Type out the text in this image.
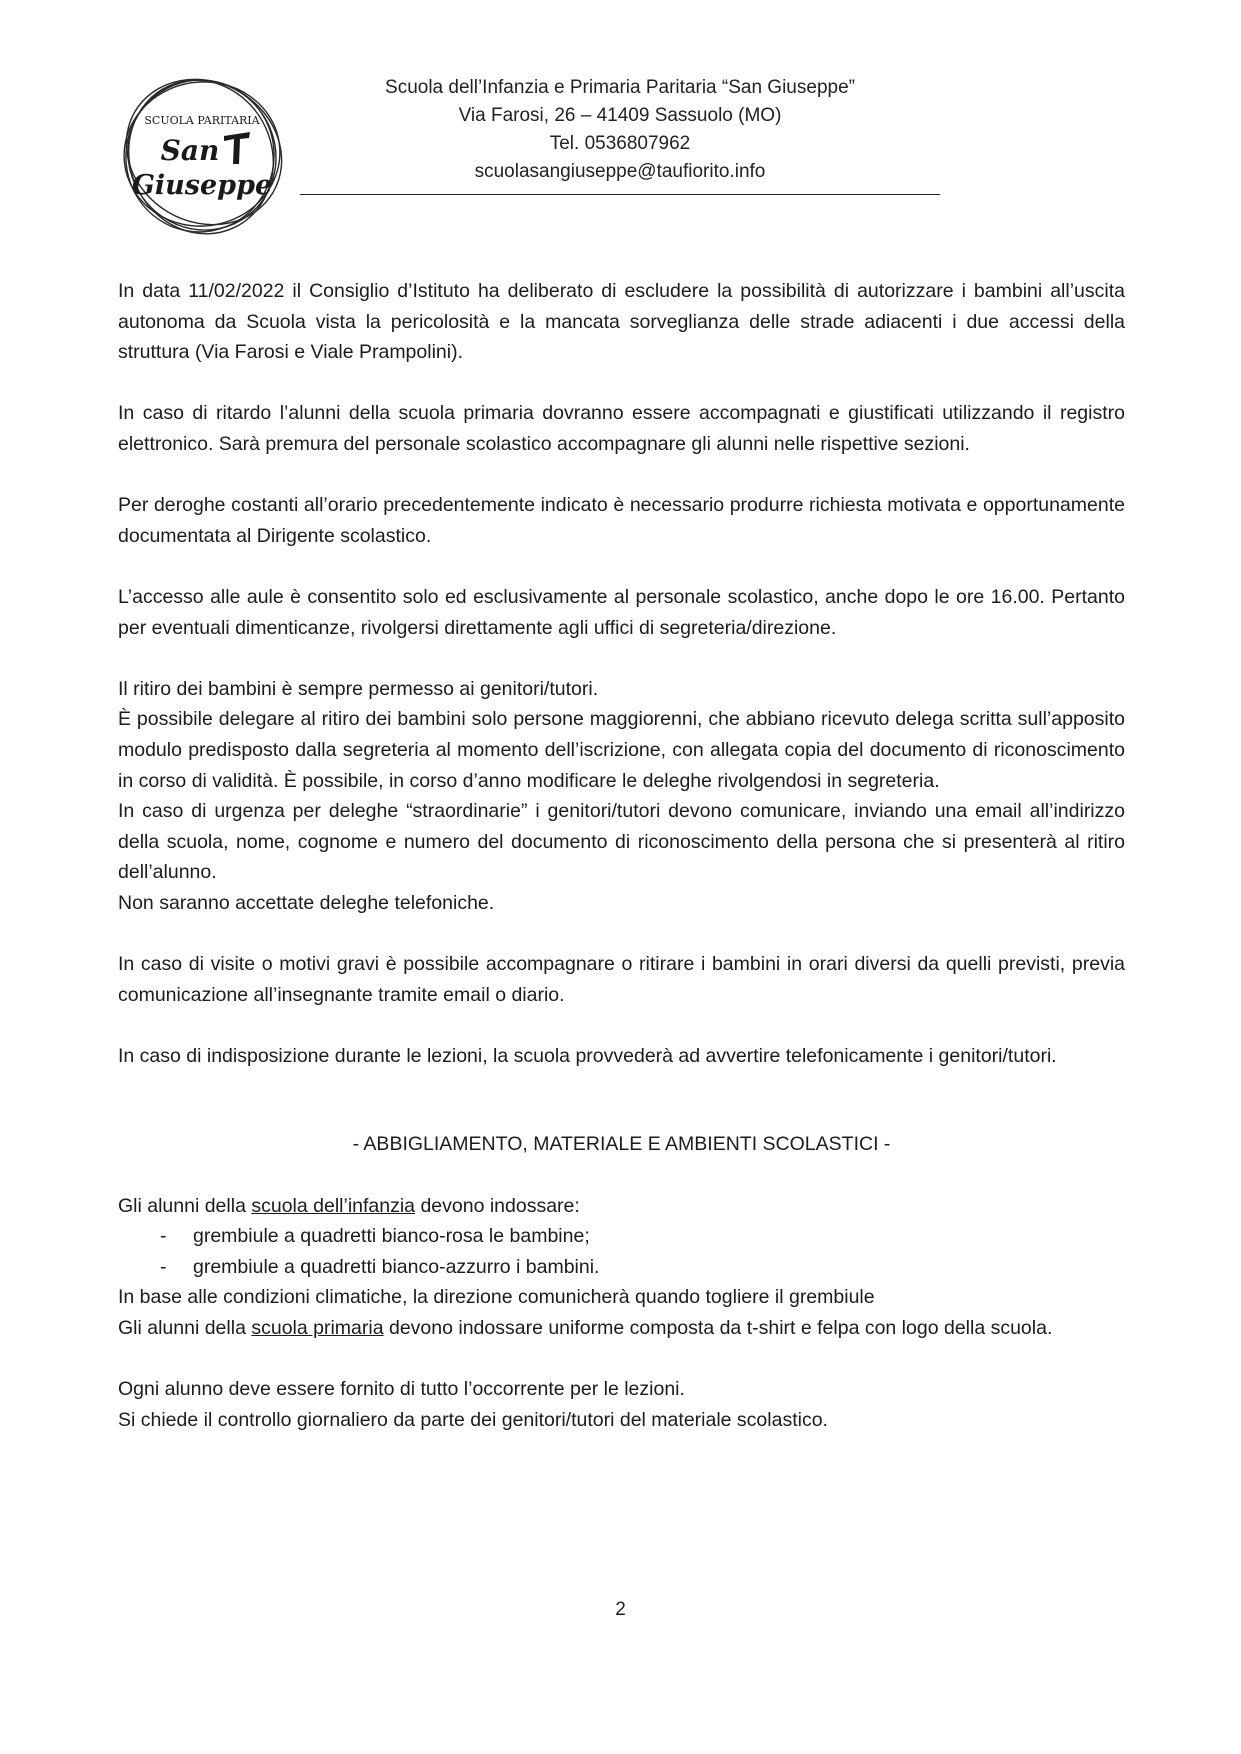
SCUOLA PARITARIA
San
Giuseppe
Scuola dell’Infanzia e Primaria Paritaria “San Giuseppe”
Via Farosi, 26 – 41409 Sassuolo (MO)
Tel. 0536807962
scuolasangiuseppe@taufiorito.info

In data 11/02/2022 il Consiglio d’Istituto ha deliberato di escludere la possibilità di autorizzare i bambini all’uscita autonoma da Scuola vista la pericolosità e la mancata sorveglianza delle strade adiacenti i due accessi della struttura (Via Farosi e Viale Prampolini).

In caso di ritardo l’alunni della scuola primaria dovranno essere accompagnati e giustificati utilizzando il registro elettronico. Sarà premura del personale scolastico accompagnare gli alunni nelle rispettive sezioni.

Per deroghe costanti all’orario precedentemente indicato è necessario produrre richiesta motivata e opportunamente documentata al Dirigente scolastico.

L’accesso alle aule è consentito solo ed esclusivamente al personale scolastico, anche dopo le ore 16.00. Pertanto per eventuali dimenticanze, rivolgersi direttamente agli uffici di segreteria/direzione.

Il ritiro dei bambini è sempre permesso ai genitori/tutori.

È possibile delegare al ritiro dei bambini solo persone maggiorenni, che abbiano ricevuto delega scritta sull’apposito modulo predisposto dalla segreteria al momento dell’iscrizione, con allegata copia del documento di riconoscimento in corso di validità. È possibile, in corso d’anno modificare le deleghe rivolgendosi in segreteria.

In caso di urgenza per deleghe “straordinarie” i genitori/tutori devono comunicare, inviando una email all’indirizzo della scuola, nome, cognome e numero del documento di riconoscimento della persona che si presenterà al ritiro dell’alunno.

Non saranno accettate deleghe telefoniche.

In caso di visite o motivi gravi è possibile accompagnare o ritirare i bambini in orari diversi da quelli previsti, previa comunicazione all’insegnante tramite email o diario.

In caso di indisposizione durante le lezioni, la scuola provvederà ad avvertire telefonicamente i genitori/tutori.

- ABBIGLIAMENTO, MATERIALE E AMBIENTI SCOLASTICI -

Gli alunni della scuola dell’infanzia devono indossare:

- grembiule a quadretti bianco-rosa le bambine;
- grembiule a quadretti bianco-azzurro i bambini.

In base alle condizioni climatiche, la direzione comunicherà quando togliere il grembiule

Gli alunni della scuola primaria devono indossare uniforme composta da t-shirt e felpa con logo della scuola.

Ogni alunno deve essere fornito di tutto l’occorrente per le lezioni.

Si chiede il controllo giornaliero da parte dei genitori/tutori del materiale scolastico.

2
